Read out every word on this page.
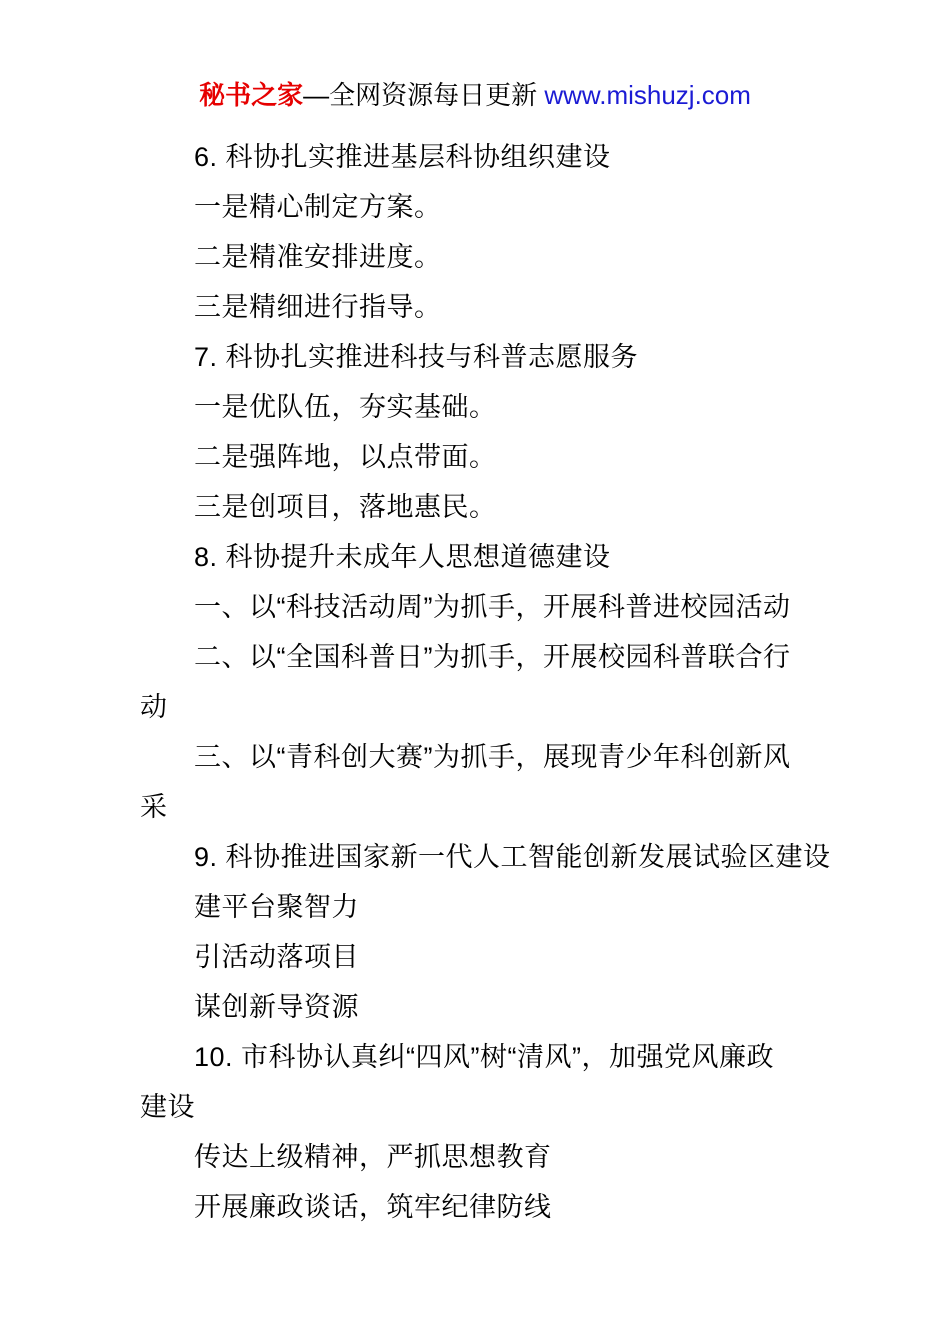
秘书之家—全网资源每日更新 www.mishuzj.com
6. 科协扎实推进基层科协组织建设
一是精心制定方案。
二是精准安排进度。
三是精细进行指导。
7. 科协扎实推进科技与科普志愿服务
一是优队伍，夯实基础。
二是强阵地，以点带面。
三是创项目，落地惠民。
8. 科协提升未成年人思想道德建设
一、以“科技活动周”为抓手，开展科普进校园活动
二、以“全国科普日”为抓手，开展校园科普联合行
动
三、以“青科创大赛”为抓手，展现青少年科创新风
采
9. 科协推进国家新一代人工智能创新发展试验区建设
建平台聚智力
引活动落项目
谋创新导资源
10. 市科协认真纠“四风”树“清风”，加强党风廉政
建设
传达上级精神，严抓思想教育
开展廉政谈话，筑牢纪律防线
